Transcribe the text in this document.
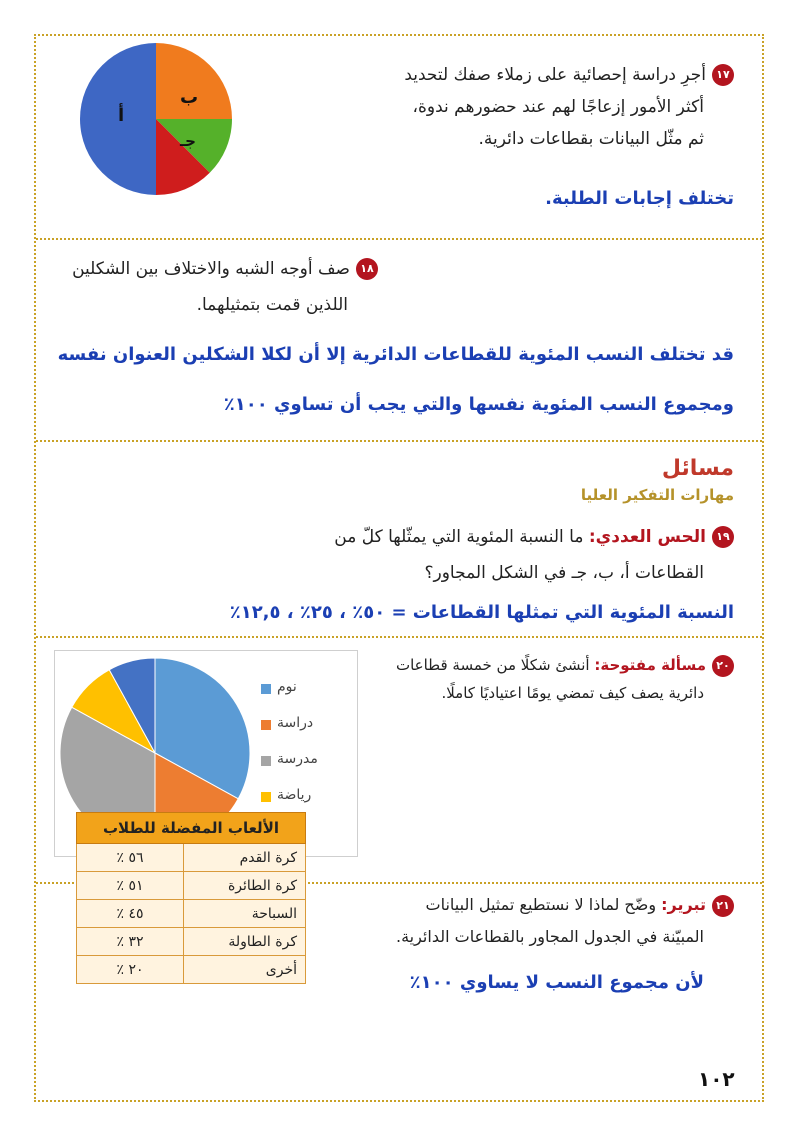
أ
ب
جـ
١٧أجرِ دراسة إحصائية على زملاء صفك لتحديد
أكثر الأمور إزعاجًا لهم عند حضورهم ندوة،
ثم مثّل البيانات بقطاعات دائرية.
تختلف إجابات الطلبة.
١٨صف أوجه الشبه والاختلاف بين الشكلين
اللذين قمت بتمثيلهما.
قد تختلف النسب المئوية للقطاعات الدائرية إلا أن لكلا الشكلين العنوان نفسه
ومجموع النسب المئوية نفسها والتي يجب أن تساوي ١٠٠٪
مسائل
مهارات التفكير العليا
١٩الحس العددي: ما النسبة المئوية التي يمثّلها كلّ من
القطاعات أ، ب، جـ في الشكل المجاور؟
النسبة المئوية التي تمثلها القطاعات = ٥٠٪ ، ٢٥٪ ، ١٢,٥٪
٢٠مسألة مفتوحة: أنشئ شكلًا من خمسة قطاعات
دائرية يصف كيف تمضي يومًا اعتياديًا كاملًا.
نوم
دراسة
مدرسة
رياضة
٢١تبرير: وضّح لماذا لا نستطيع تمثيل البيانات
المبيّنة في الجدول المجاور بالقطاعات الدائرية.
لأن مجموع النسب لا يساوي ١٠٠٪
الألعاب المفضلة للطلاب	
كرة القدم	٥٦ ٪
كرة الطائرة	٥١ ٪
السباحة	٤٥ ٪
كرة الطاولة	٣٢ ٪
أخرى	٢٠ ٪
١٠٢
